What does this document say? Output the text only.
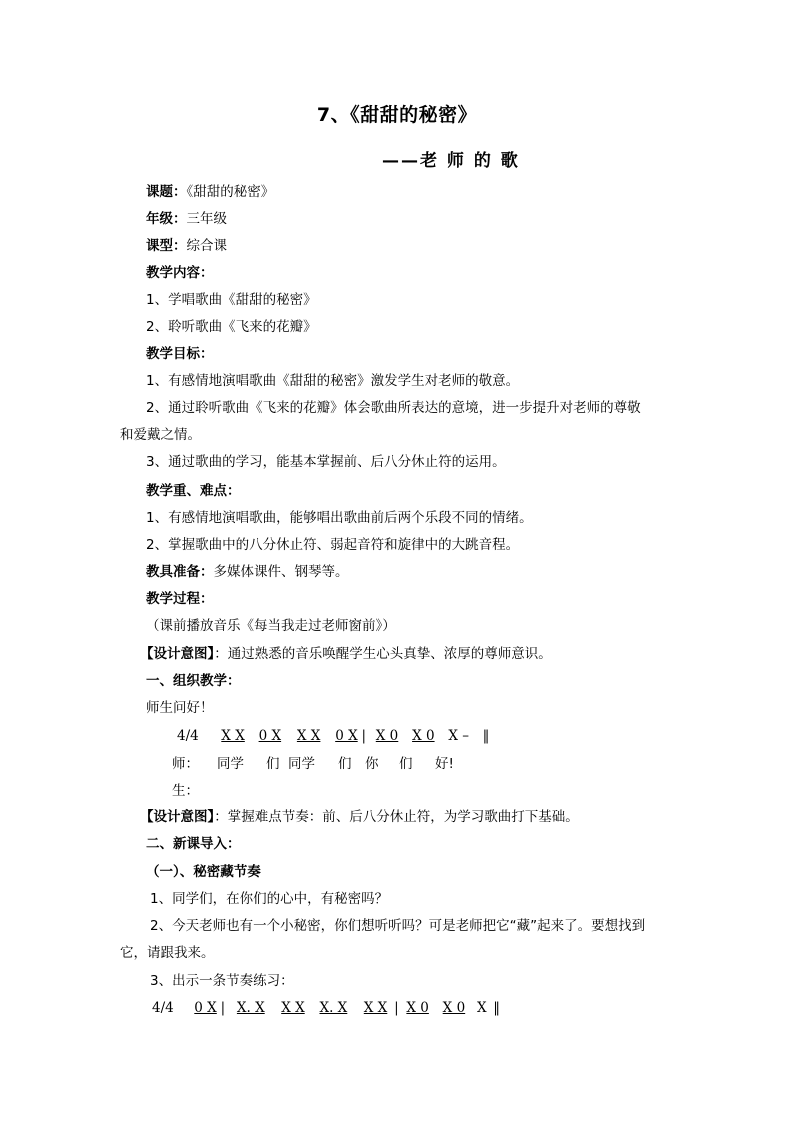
7、《甜甜的秘密》
——老 师 的 歌
课题：《甜甜的秘密》
年级：三年级
课型：综合课
教学内容：
1、学唱歌曲《甜甜的秘密》
2、聆听歌曲《飞来的花瓣》
教学目标：
1、有感情地演唱歌曲《甜甜的秘密》激发学生对老师的敬意。
2、通过聆听歌曲《飞来的花瓣》体会歌曲所表达的意境，进一步提升对老师的尊敬
和爱戴之情。
3、通过歌曲的学习，能基本掌握前、后八分休止符的运用。
教学重、难点：
1、有感情地演唱歌曲，能够唱出歌曲前后两个乐段不同的情绪。
2、掌握歌曲中的八分休止符、弱起音符和旋律中的大跳音程。
教具准备：多媒体课件、钢琴等。
教学过程：
（课前播放音乐《每当我走过老师窗前》）
【设计意图】：通过熟悉的音乐唤醒学生心头真挚、浓厚的尊师意识。
一、组织教学：
师生问好！
4/4 X X 0 X X X 0 X | X 0 X 0 X – ‖
师： 同学 们 同学 们 你 们 好!
生：
【设计意图】：掌握难点节奏：前、后八分休止符，为学习歌曲打下基础。
二、新课导入：
（一）、秘密藏节奏
1、同学们，在你们的心中，有秘密吗？
2、今天老师也有一个小秘密，你们想听听吗？可是老师把它“藏”起来了。要想找到
它，请跟我来。
3、出示一条节奏练习：
4/4 0 X | X. X X X X. X X X | X 0 X 0 X ‖
